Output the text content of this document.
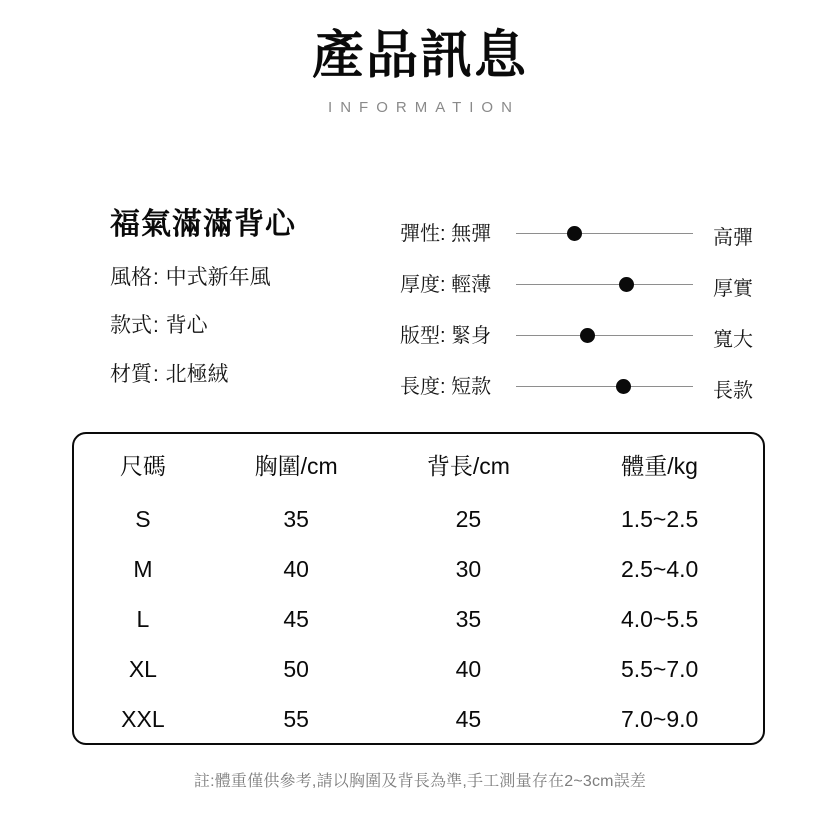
產品訊息
INFORMATION
福氣滿滿背心
風格: 中式新年風
款式: 背心
材質: 北極絨
彈性: 無彈	高彈
厚度: 輕薄	厚實
版型: 緊身	寬大
長度: 短款	長款
尺碼	胸圍/cm	背長/cm	體重/kg
S	35	25	1.5~2.5
M	40	30	2.5~4.0
L	45	35	4.0~5.5
XL	50	40	5.5~7.0
XXL	55	45	7.0~9.0
註:體重僅供參考,請以胸圍及背長為準,手工測量存在2~3cm誤差
